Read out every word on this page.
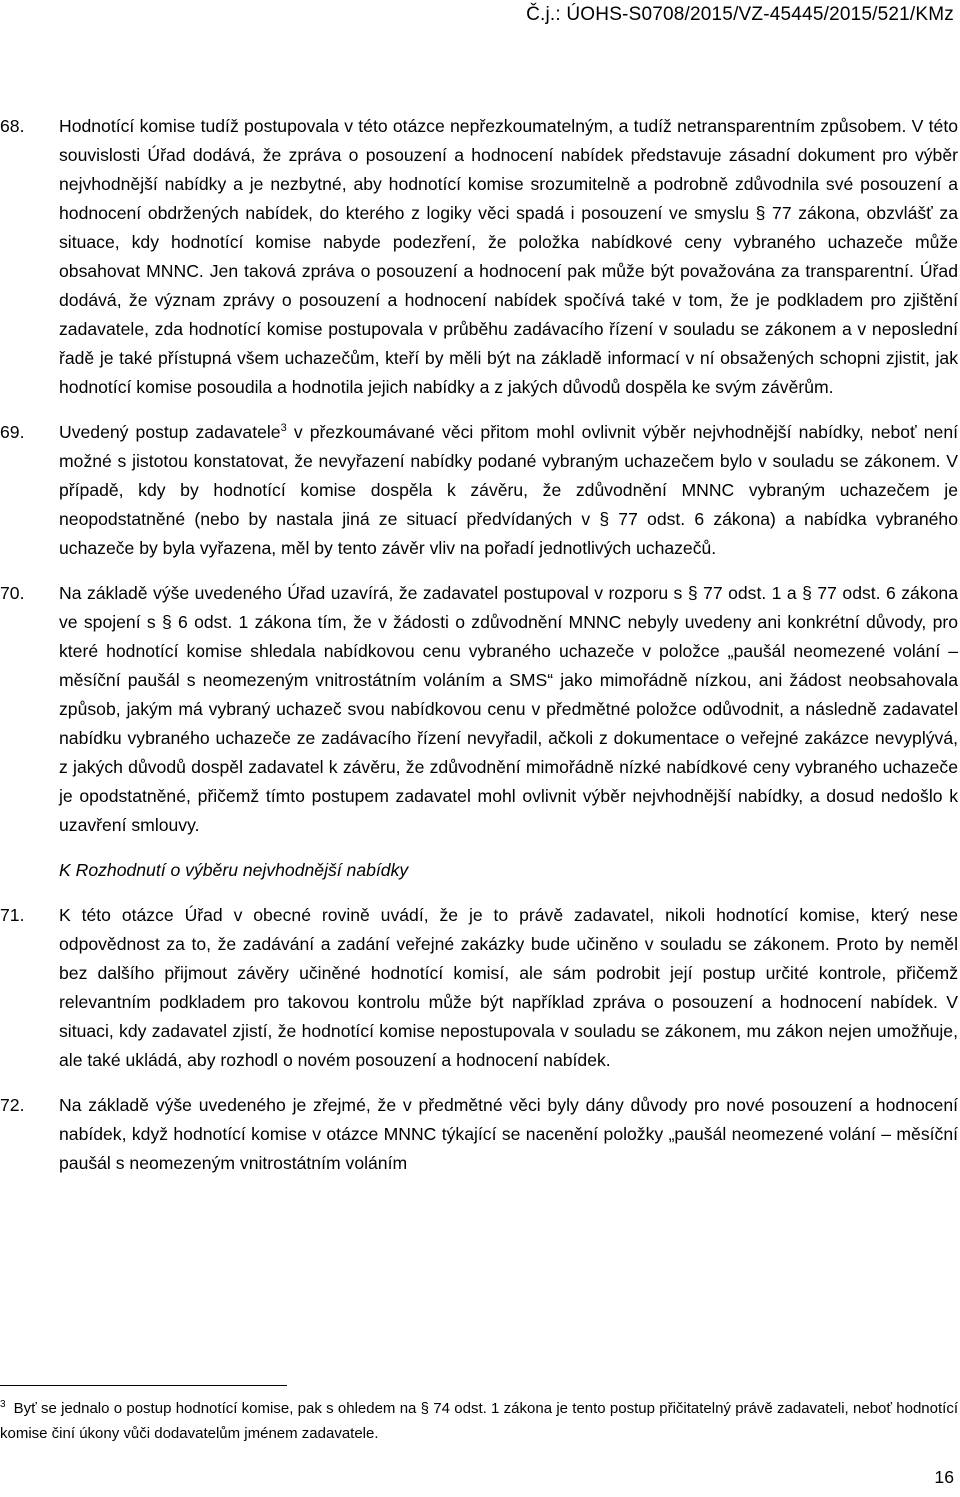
Č.j.: ÚOHS-S0708/2015/VZ-45445/2015/521/KMz
68. Hodnotící komise tudíž postupovala v této otázce nepřezkoumatelným, a tudíž netransparentním způsobem. V této souvislosti Úřad dodává, že zpráva o posouzení a hodnocení nabídek představuje zásadní dokument pro výběr nejvhodnější nabídky a je nezbytné, aby hodnotící komise srozumitelně a podrobně zdůvodnila své posouzení a hodnocení obdržených nabídek, do kterého z logiky věci spadá i posouzení ve smyslu § 77 zákona, obzvlášť za situace, kdy hodnotící komise nabyde podezření, že položka nabídkové ceny vybraného uchazeče může obsahovat MNNC. Jen taková zpráva o posouzení a hodnocení pak může být považována za transparentní. Úřad dodává, že význam zprávy o posouzení a hodnocení nabídek spočívá také v tom, že je podkladem pro zjištění zadavatele, zda hodnotící komise postupovala v průběhu zadávacího řízení v souladu se zákonem a v neposlední řadě je také přístupná všem uchazečům, kteří by měli být na základě informací v ní obsažených schopni zjistit, jak hodnotící komise posoudila a hodnotila jejich nabídky a z jakých důvodů dospěla ke svým závěrům.
69. Uvedený postup zadavatele$^3$ v přezkoumávané věci přitom mohl ovlivnit výběr nejvhodnější nabídky, neboť není možné s jistotou konstatovat, že nevyřazení nabídky podané vybraným uchazečem bylo v souladu se zákonem. V případě, kdy by hodnotící komise dospěla k závěru, že zdůvodnění MNNC vybraným uchazečem je neopodstatněné (nebo by nastala jiná ze situací předvídaných v § 77 odst. 6 zákona) a nabídka vybraného uchazeče by byla vyřazena, měl by tento závěr vliv na pořadí jednotlivých uchazečů.
70. Na základě výše uvedeného Úřad uzavírá, že zadavatel postupoval v rozporu s § 77 odst. 1 a § 77 odst. 6 zákona ve spojení s § 6 odst. 1 zákona tím, že v žádosti o zdůvodnění MNNC nebyly uvedeny ani konkrétní důvody, pro které hodnotící komise shledala nabídkovou cenu vybraného uchazeče v položce „paušál neomezené volání – měsíční paušál s neomezeným vnitrostátním voláním a SMS“ jako mimořádně nízkou, ani žádost neobsahovala způsob, jakým má vybraný uchazeč svou nabídkovou cenu v předmětné položce odůvodnit, a následně zadavatel nabídku vybraného uchazeče ze zadávacího řízení nevyřadil, ačkoli z dokumentace o veřejné zakázce nevyplývá, z jakých důvodů dospěl zadavatel k závěru, že zdůvodnění mimořádně nízké nabídkové ceny vybraného uchazeče je opodstatněné, přičemž tímto postupem zadavatel mohl ovlivnit výběr nejvhodnější nabídky, a dosud nedošlo k uzavření smlouvy.
K Rozhodnutí o výběru nejvhodnější nabídky
71. K této otázce Úřad v obecné rovině uvádí, že je to právě zadavatel, nikoli hodnotící komise, který nese odpovědnost za to, že zadávání a zadání veřejné zakázky bude učiněno v souladu se zákonem. Proto by neměl bez dalšího přijmout závěry učiněné hodnotící komisí, ale sám podrobit její postup určité kontrole, přičemž relevantním podkladem pro takovou kontrolu může být například zpráva o posouzení a hodnocení nabídek. V situaci, kdy zadavatel zjistí, že hodnotící komise nepostupovala v souladu se zákonem, mu zákon nejen umožňuje, ale také ukládá, aby rozhodl o novém posouzení a hodnocení nabídek.
72. Na základě výše uvedeného je zřejmé, že v předmětné věci byly dány důvody pro nové posouzení a hodnocení nabídek, když hodnotící komise v otázce MNNC týkající se nacenění položky „paušál neomezené volání – měsíční paušál s neomezeným vnitrostátním voláním
$^3$ Byť se jednalo o postup hodnotící komise, pak s ohledem na § 74 odst. 1 zákona je tento postup přičitatelný právě zadavateli, neboť hodnotící komise činí úkony vůči dodavatelům jménem zadavatele.
16
